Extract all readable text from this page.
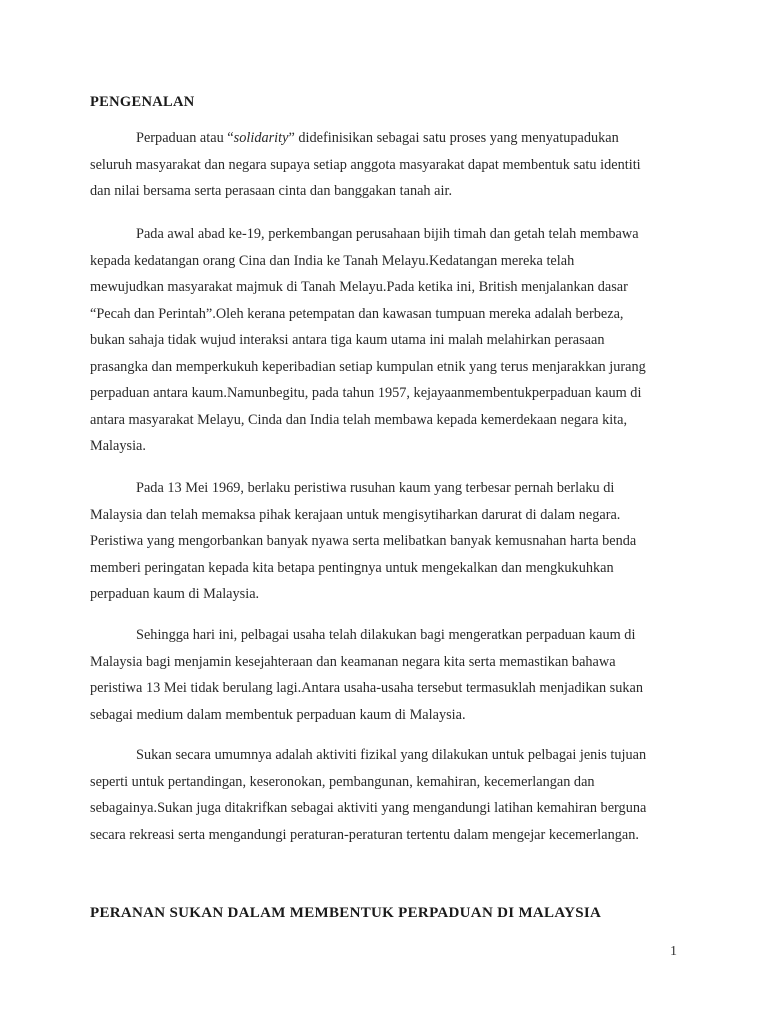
PENGENALAN

Perpaduan atau “solidarity” didefinisikan sebagai satu proses yang menyatupadukan
seluruh masyarakat dan negara supaya setiap anggota masyarakat dapat membentuk satu identiti
dan nilai bersama serta perasaan cinta dan banggakan tanah air.

Pada awal abad ke-19, perkembangan perusahaan bijih timah dan getah telah membawa
kepada kedatangan orang Cina dan India ke Tanah Melayu.Kedatangan mereka telah
mewujudkan masyarakat majmuk di Tanah Melayu.Pada ketika ini, British menjalankan dasar
“Pecah dan Perintah”.Oleh kerana petempatan dan kawasan tumpuan mereka adalah berbeza,
bukan sahaja tidak wujud interaksi antara tiga kaum utama ini malah melahirkan perasaan
prasangka dan memperkukuh keperibadian setiap kumpulan etnik yang terus menjarakkan jurang
perpaduan antara kaum.Namunbegitu, pada tahun 1957, kejayaanmembentukperpaduan kaum di
antara masyarakat Melayu, Cinda dan India telah membawa kepada kemerdekaan negara kita,
Malaysia.

Pada 13 Mei 1969, berlaku peristiwa rusuhan kaum yang terbesar pernah berlaku di
Malaysia dan telah memaksa pihak kerajaan untuk mengisytiharkan darurat di dalam negara.
Peristiwa yang mengorbankan banyak nyawa serta melibatkan banyak kemusnahan harta benda
memberi peringatan kepada kita betapa pentingnya untuk mengekalkan dan mengkukuhkan
perpaduan kaum di Malaysia.

Sehingga hari ini, pelbagai usaha telah dilakukan bagi mengeratkan perpaduan kaum di
Malaysia bagi menjamin kesejahteraan dan keamanan negara kita serta memastikan bahawa
peristiwa 13 Mei tidak berulang lagi.Antara usaha-usaha tersebut termasuklah menjadikan sukan
sebagai medium dalam membentuk perpaduan kaum di Malaysia.

Sukan secara umumnya adalah aktiviti fizikal yang dilakukan untuk pelbagai jenis tujuan
seperti untuk pertandingan, keseronokan, pembangunan, kemahiran, kecemerlangan dan
sebagainya.Sukan juga ditakrifkan sebagai aktiviti yang mengandungi latihan kemahiran berguna
secara rekreasi serta mengandungi peraturan-peraturan tertentu dalam mengejar kecemerlangan.

PERANAN SUKAN DALAM MEMBENTUK PERPADUAN DI MALAYSIA
1
